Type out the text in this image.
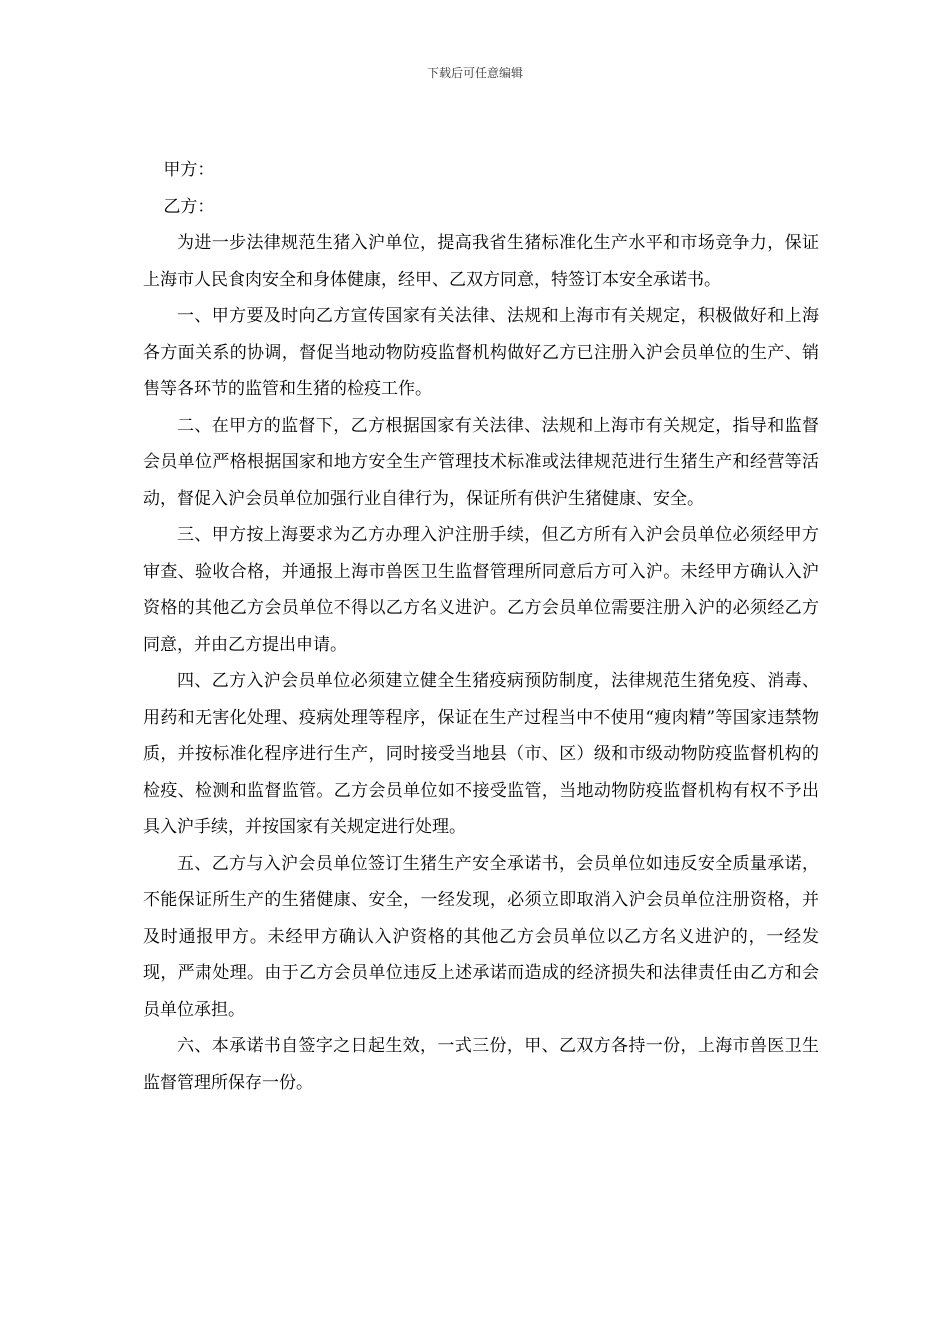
下载后可任意编辑

甲方：

乙方：

为进一步法律规范生猪入沪单位，提高我省生猪标准化生产水平和市场竞争力，保证上海市人民食肉安全和身体健康，经甲、乙双方同意，特签订本安全承诺书。

一、甲方要及时向乙方宣传国家有关法律、法规和上海市有关规定，积极做好和上海各方面关系的协调，督促当地动物防疫监督机构做好乙方已注册入沪会员单位的生产、销售等各环节的监管和生猪的检疫工作。

二、在甲方的监督下，乙方根据国家有关法律、法规和上海市有关规定，指导和监督会员单位严格根据国家和地方安全生产管理技术标准或法律规范进行生猪生产和经营等活动，督促入沪会员单位加强行业自律行为，保证所有供沪生猪健康、安全。

三、甲方按上海要求为乙方办理入沪注册手续，但乙方所有入沪会员单位必须经甲方审查、验收合格，并通报上海市兽医卫生监督管理所同意后方可入沪。未经甲方确认入沪资格的其他乙方会员单位不得以乙方名义进沪。乙方会员单位需要注册入沪的必须经乙方同意，并由乙方提出申请。

四、乙方入沪会员单位必须建立健全生猪疫病预防制度，法律规范生猪免疫、消毒、用药和无害化处理、疫病处理等程序，保证在生产过程当中不使用“瘦肉精”等国家违禁物质，并按标准化程序进行生产，同时接受当地县（市、区）级和市级动物防疫监督机构的检疫、检测和监督监管。乙方会员单位如不接受监管，当地动物防疫监督机构有权不予出具入沪手续，并按国家有关规定进行处理。

五、乙方与入沪会员单位签订生猪生产安全承诺书，会员单位如违反安全质量承诺，不能保证所生产的生猪健康、安全，一经发现，必须立即取消入沪会员单位注册资格，并及时通报甲方。未经甲方确认入沪资格的其他乙方会员单位以乙方名义进沪的，一经发现，严肃处理。由于乙方会员单位违反上述承诺而造成的经济损失和法律责任由乙方和会员单位承担。

六、本承诺书自签字之日起生效，一式三份，甲、乙双方各持一份，上海市兽医卫生监督管理所保存一份。
